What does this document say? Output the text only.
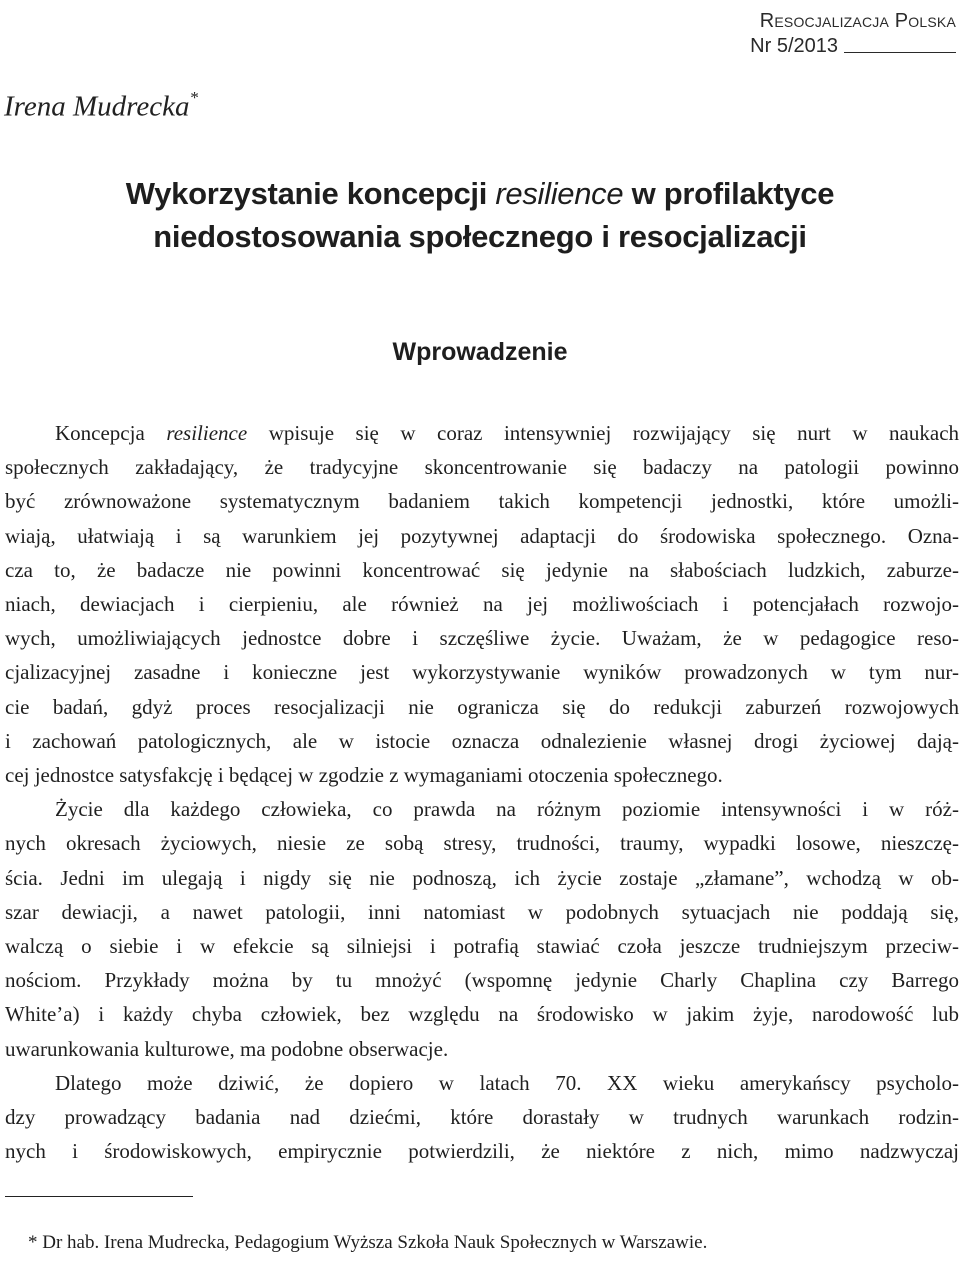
Resocjalizacja Polska
Nr 5/2013
Irena Mudrecka*
Wykorzystanie koncepcji resilience w profilaktyce
niedostosowania społecznego i resocjalizacji
Wprowadzenie
Koncepcja resilience wpisuje się w coraz intensywniej rozwijający się nurt w naukach
społecznych zakładający, że tradycyjne skoncentrowanie się badaczy na patologii powinno
być zrównoważone systematycznym badaniem takich kompetencji jednostki, które umożli-
wiają, ułatwiają i są warunkiem jej pozytywnej adaptacji do środowiska społecznego. Ozna-
cza to, że badacze nie powinni koncentrować się jedynie na słabościach ludzkich, zaburze-
niach, dewiacjach i cierpieniu, ale również na jej możliwościach i potencjałach rozwojo-
wych, umożliwiających jednostce dobre i szczęśliwe życie. Uważam, że w pedagogice reso-
cjalizacyjnej zasadne i konieczne jest wykorzystywanie wyników prowadzonych w tym nur-
cie badań, gdyż proces resocjalizacji nie ogranicza się do redukcji zaburzeń rozwojowych
i zachowań patologicznych, ale w istocie oznacza odnalezienie własnej drogi życiowej dają-
cej jednostce satysfakcję i będącej w zgodzie z wymaganiami otoczenia społecznego.
Życie dla każdego człowieka, co prawda na różnym poziomie intensywności i w róż-
nych okresach życiowych, niesie ze sobą stresy, trudności, traumy, wypadki losowe, nieszczę-
ścia. Jedni im ulegają i nigdy się nie podnoszą, ich życie zostaje „złamane”, wchodzą w ob-
szar dewiacji, a nawet patologii, inni natomiast w podobnych sytuacjach nie poddają się,
walczą o siebie i w efekcie są silniejsi i potrafią stawiać czoła jeszcze trudniejszym przeciw-
nościom. Przykłady można by tu mnożyć (wspomnę jedynie Charly Chaplina czy Barrego
White’a) i każdy chyba człowiek, bez względu na środowisko w jakim żyje, narodowość lub
uwarunkowania kulturowe, ma podobne obserwacje.
Dlatego może dziwić, że dopiero w latach 70. XX wieku amerykańscy psycholo-
dzy prowadzący badania nad dziećmi, które dorastały w trudnych warunkach rodzin-
nych i środowiskowych, empirycznie potwierdzili, że niektóre z nich, mimo nadzwyczaj
* Dr hab. Irena Mudrecka, Pedagogium Wyższa Szkoła Nauk Społecznych w Warszawie.
